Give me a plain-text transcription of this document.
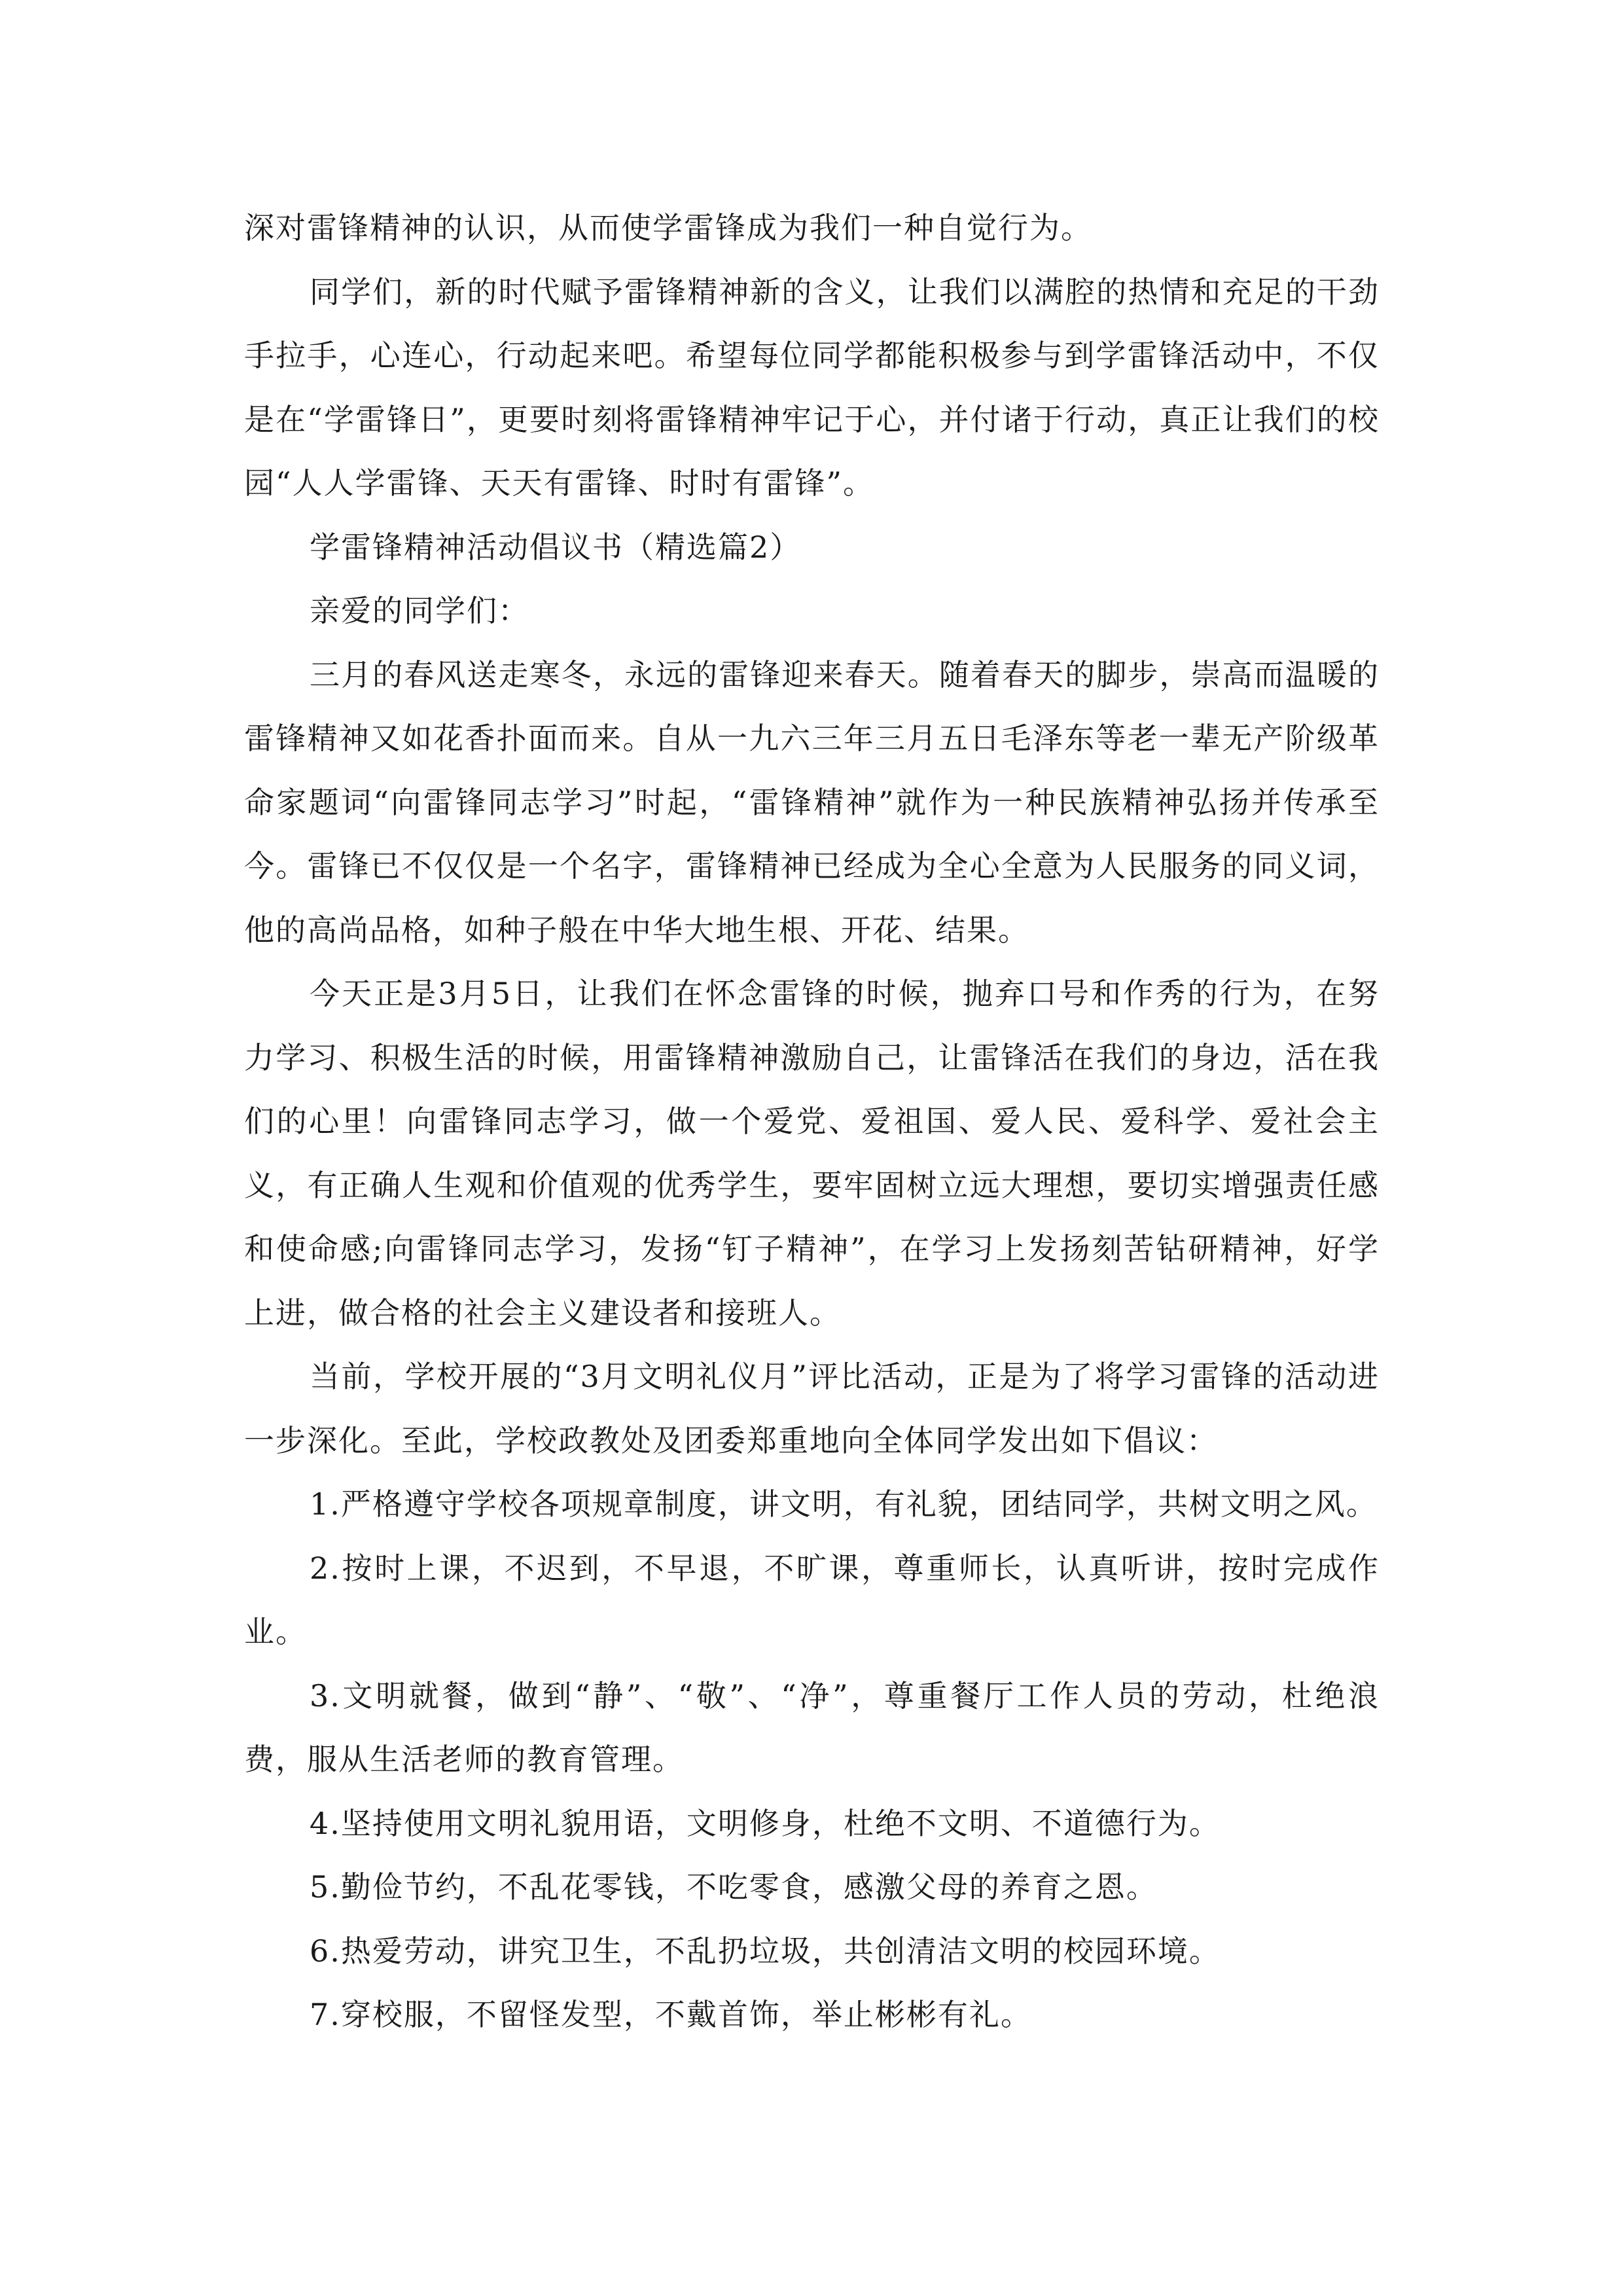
深对雷锋精神的认识，从而使学雷锋成为我们一种自觉行为。

同学们，新的时代赋予雷锋精神新的含义，让我们以满腔的热情和充足的干劲手拉手，心连心，行动起来吧。希望每位同学都能积极参与到学雷锋活动中，不仅是在“学雷锋日”，更要时刻将雷锋精神牢记于心，并付诸于行动，真正让我们的校园“人人学雷锋、天天有雷锋、时时有雷锋”。

学雷锋精神活动倡议书（精选篇2）

亲爱的同学们：

三月的春风送走寒冬，永远的雷锋迎来春天。随着春天的脚步，崇高而温暖的雷锋精神又如花香扑面而来。自从一九六三年三月五日毛泽东等老一辈无产阶级革命家题词“向雷锋同志学习”时起，“雷锋精神”就作为一种民族精神弘扬并传承至今。雷锋已不仅仅是一个名字，雷锋精神已经成为全心全意为人民服务的同义词，他的高尚品格，如种子般在中华大地生根、开花、结果。

今天正是3月5日，让我们在怀念雷锋的时候，抛弃口号和作秀的行为，在努力学习、积极生活的时候，用雷锋精神激励自己，让雷锋活在我们的身边，活在我们的心里！向雷锋同志学习，做一个爱党、爱祖国、爱人民、爱科学、爱社会主义，有正确人生观和价值观的优秀学生，要牢固树立远大理想，要切实增强责任感和使命感;向雷锋同志学习，发扬“钉子精神”，在学习上发扬刻苦钻研精神，好学上进，做合格的社会主义建设者和接班人。

当前，学校开展的“3月文明礼仪月”评比活动，正是为了将学习雷锋的活动进一步深化。至此，学校政教处及团委郑重地向全体同学发出如下倡议：

1.严格遵守学校各项规章制度，讲文明，有礼貌，团结同学，共树文明之风。

2.按时上课，不迟到，不早退，不旷课，尊重师长，认真听讲，按时完成作业。

3.文明就餐，做到“静”、“敬”、“净”，尊重餐厅工作人员的劳动，杜绝浪费，服从生活老师的教育管理。

4.坚持使用文明礼貌用语，文明修身，杜绝不文明、不道德行为。

5.勤俭节约，不乱花零钱，不吃零食，感激父母的养育之恩。

6.热爱劳动，讲究卫生，不乱扔垃圾，共创清洁文明的校园环境。

7.穿校服，不留怪发型，不戴首饰，举止彬彬有礼。
